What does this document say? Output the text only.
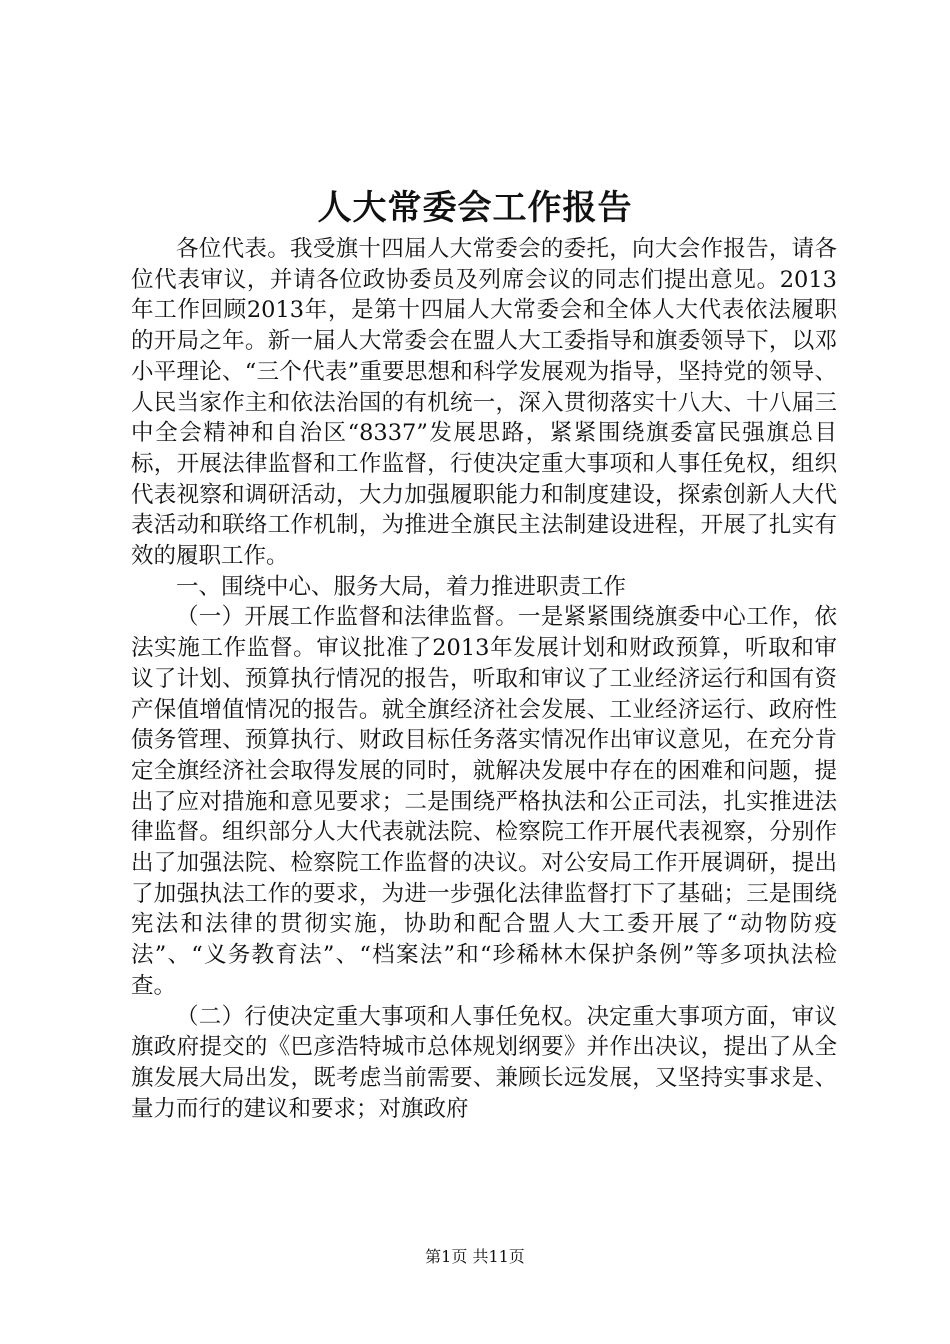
人大常委会工作报告

各位代表。我受旗十四届人大常委会的委托，向大会作报告，请各位代表审议，并请各位政协委员及列席会议的同志们提出意见。2013年工作回顾2013年，是第十四届人大常委会和全体人大代表依法履职的开局之年。新一届人大常委会在盟人大工委指导和旗委领导下，以邓小平理论、“三个代表”重要思想和科学发展观为指导，坚持党的领导、人民当家作主和依法治国的有机统一，深入贯彻落实十八大、十八届三中全会精神和自治区“8337”发展思路，紧紧围绕旗委富民强旗总目标，开展法律监督和工作监督，行使决定重大事项和人事任免权，组织代表视察和调研活动，大力加强履职能力和制度建设，探索创新人大代表活动和联络工作机制，为推进全旗民主法制建设进程，开展了扎实有效的履职工作。

一、围绕中心、服务大局，着力推进职责工作

（一）开展工作监督和法律监督。一是紧紧围绕旗委中心工作，依法实施工作监督。审议批准了2013年发展计划和财政预算，听取和审议了计划、预算执行情况的报告，听取和审议了工业经济运行和国有资产保值增值情况的报告。就全旗经济社会发展、工业经济运行、政府性债务管理、预算执行、财政目标任务落实情况作出审议意见，在充分肯定全旗经济社会取得发展的同时，就解决发展中存在的困难和问题，提出了应对措施和意见要求；二是围绕严格执法和公正司法，扎实推进法律监督。组织部分人大代表就法院、检察院工作开展代表视察，分别作出了加强法院、检察院工作监督的决议。对公安局工作开展调研，提出了加强执法工作的要求，为进一步强化法律监督打下了基础；三是围绕宪法和法律的贯彻实施，协助和配合盟人大工委开展了“动物防疫法”、“义务教育法”、“档案法”和“珍稀林木保护条例”等多项执法检查。

（二）行使决定重大事项和人事任免权。决定重大事项方面，审议旗政府提交的《巴彦浩特城市总体规划纲要》并作出决议，提出了从全旗发展大局出发，既考虑当前需要、兼顾长远发展，又坚持实事求是、量力而行的建议和要求；对旗政府

第1页 共11页
